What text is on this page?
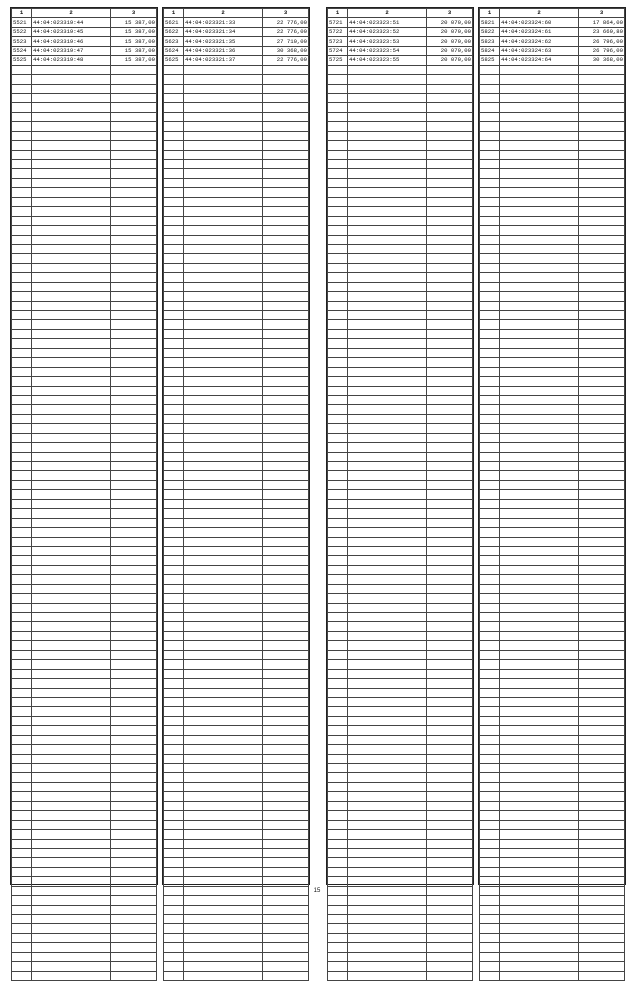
1	2	3
5521	44:04:023319:44	15 387,00
5522	44:04:023319:45	15 387,00
5523	44:04:023319:46	15 387,00
5524	44:04:023319:47	15 387,00
5525	44:04:023319:48	15 387,00

1	2	3
5621	44:04:023321:33	22 776,00
5622	44:04:023321:34	22 776,00
5623	44:04:023321:35	27 710,00
5624	44:04:023321:36	30 368,00
5625	44:04:023321:37	22 776,00

1	2	3
5721	44:04:023323:51	20 070,00
5722	44:04:023323:52	20 070,00
5723	44:04:023323:53	20 070,00
5724	44:04:023323:54	20 070,00
5725	44:04:023323:55	20 070,00

1	2	3
5821	44:04:023324:60	17 864,00
5822	44:04:023324:61	23 669,80
5823	44:04:023324:62	26 796,00
5824	44:04:023324:63	26 796,00
5825	44:04:023324:64	30 368,00

15
